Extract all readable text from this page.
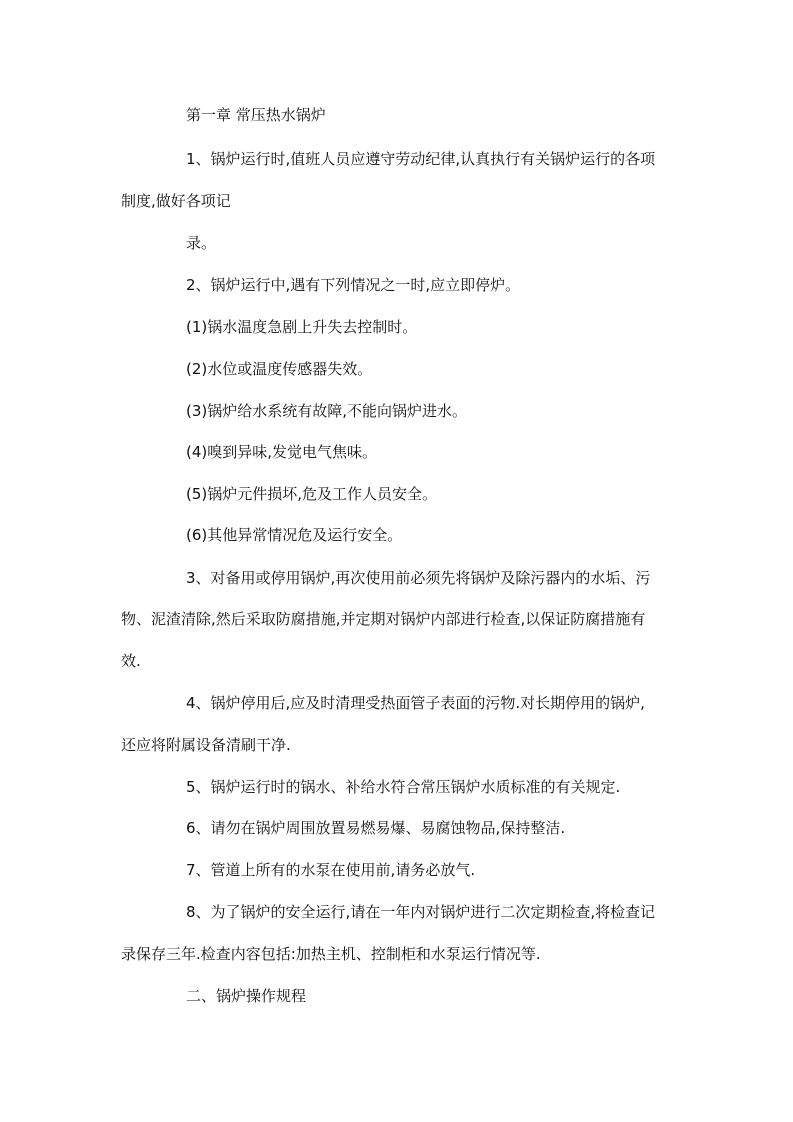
第一章 常压热水锅炉
1、锅炉运行时,值班人员应遵守劳动纪律,认真执行有关锅炉运行的各项
制度,做好各项记
录。
2、锅炉运行中,遇有下列情况之一时,应立即停炉。
(1)锅水温度急剧上升失去控制时。
(2)水位或温度传感器失效。
(3)锅炉给水系统有故障,不能向锅炉进水。
(4)嗅到异味,发觉电气焦味。
(5)锅炉元件损坏,危及工作人员安全。
(6)其他异常情况危及运行安全。
3、对备用或停用锅炉,再次使用前必须先将锅炉及除污器内的水垢、污
物、泥渣清除,然后采取防腐措施,并定期对锅炉内部进行检查,以保证防腐措施有
效.
4、锅炉停用后,应及时清理受热面管子表面的污物.对长期停用的锅炉,
还应将附属设备清刷干净.
5、锅炉运行时的锅水、补给水符合常压锅炉水质标准的有关规定.
6、请勿在锅炉周围放置易燃易爆、易腐蚀物品,保持整洁.
7、管道上所有的水泵在使用前,请务必放气.
8、为了锅炉的安全运行,请在一年内对锅炉进行二次定期检查,将检查记
录保存三年.检查内容包括:加热主机、控制柜和水泵运行情况等.
二、锅炉操作规程
